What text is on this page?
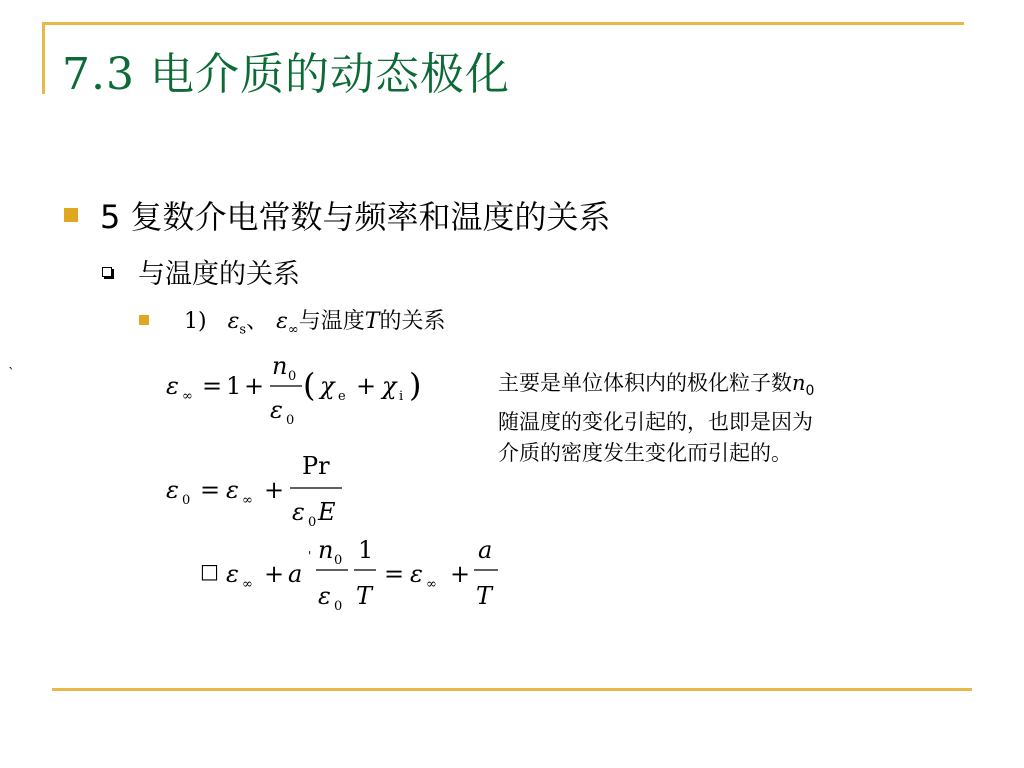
7.3 电介质的动态极化
5 复数介电常数与频率和温度的关系
与温度的关系
1) $\varepsilon_s$、 $\varepsilon_\infty$与温度T的关系
`	主要是单位体积内的极化粒子数$n_0$
随温度的变化引起的，也即是因为
介质的密度发生变化而引起的。
ε ∞ = 1 +
n 0
ε 0
( χ e + χ i )
ε 0 = ε ∞ +
Pr
ε 0 E
□ ε ∞ + a
' n 0
ε 0
1
T
= ε ∞ +
a
T
